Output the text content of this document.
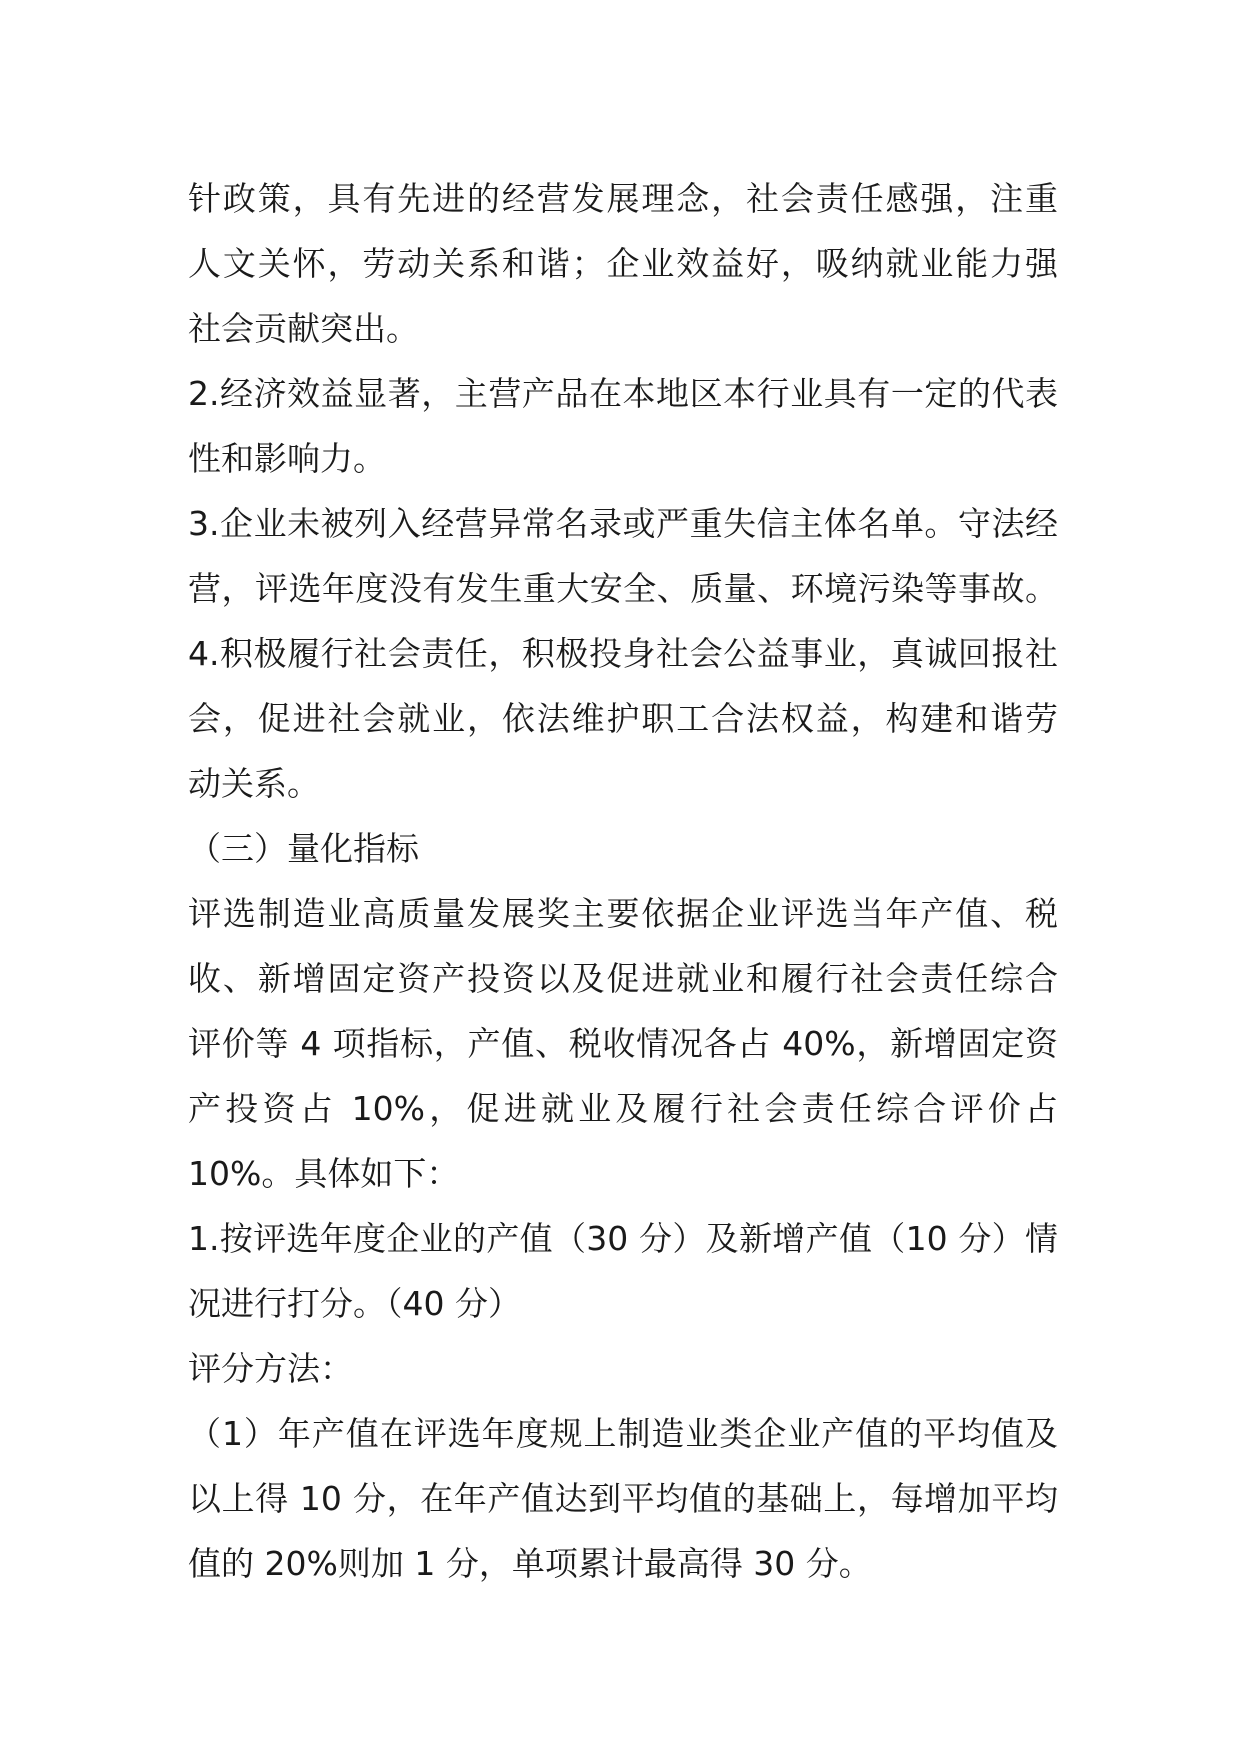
针政策，具有先进的经营发展理念，社会责任感强，注重
人文关怀，劳动关系和谐；企业效益好，吸纳就业能力强
社会贡献突出。
2.经济效益显著，主营产品在本地区本行业具有一定的代表
性和影响力。
3.企业未被列入经营异常名录或严重失信主体名单。守法经
营，评选年度没有发生重大安全、质量、环境污染等事故。
4.积极履行社会责任，积极投身社会公益事业，真诚回报社
会，促进社会就业，依法维护职工合法权益，构建和谐劳
动关系。
（三）量化指标
评选制造业高质量发展奖主要依据企业评选当年产值、税
收、新增固定资产投资以及促进就业和履行社会责任综合
评价等 4 项指标，产值、税收情况各占 40%，新增固定资
产投资占 10%，促进就业及履行社会责任综合评价占
10%。具体如下：
1.按评选年度企业的产值（30 分）及新增产值（10 分）情
况进行打分。（40 分）
评分方法：
（1）年产值在评选年度规上制造业类企业产值的平均值及
以上得 10 分，在年产值达到平均值的基础上，每增加平均
值的 20%则加 1 分，单项累计最高得 30 分。
